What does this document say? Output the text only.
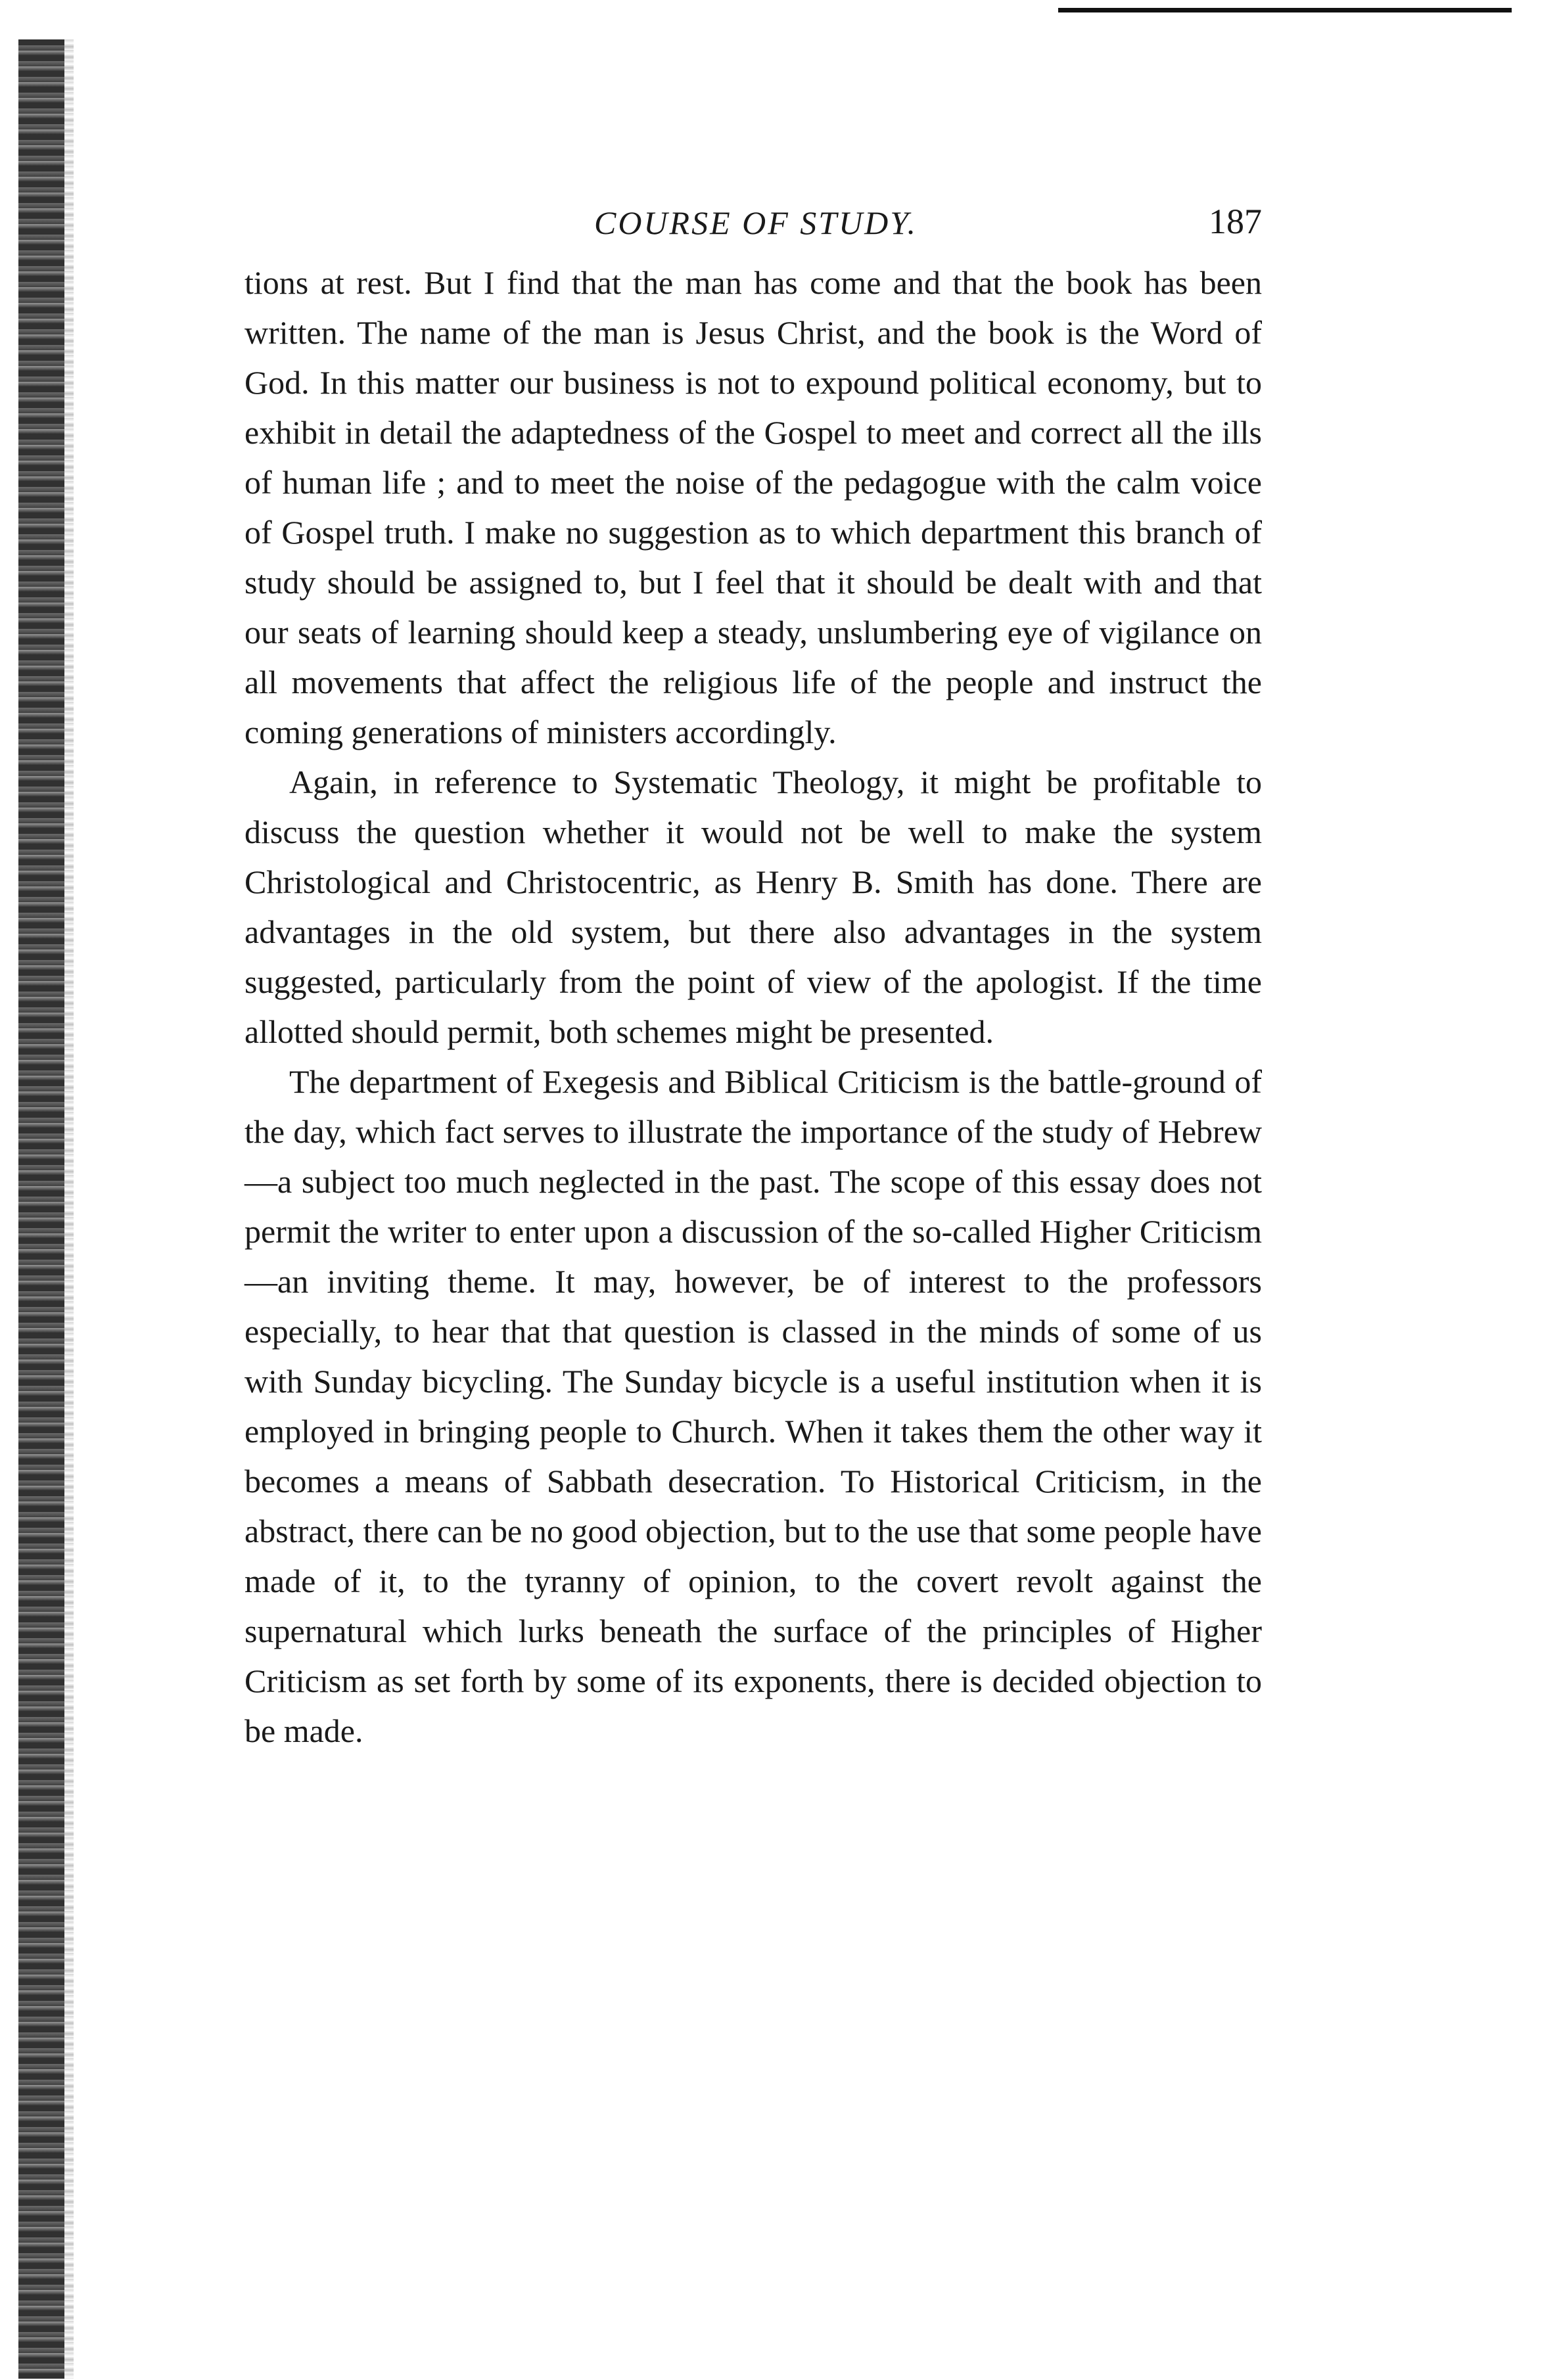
COURSE OF STUDY.	187

tions at rest. But I find that the man has come and that the book has been written. The name of the man is Jesus Christ, and the book is the Word of God. In this matter our business is not to expound political economy, but to exhibit in detail the adaptedness of the Gospel to meet and correct all the ills of human life ; and to meet the noise of the pedagogue with the calm voice of Gospel truth. I make no suggestion as to which department this branch of study should be assigned to, but I feel that it should be dealt with and that our seats of learning should keep a steady, unslumbering eye of vigilance on all movements that affect the religious life of the people and instruct the coming generations of ministers accordingly.

Again, in reference to Systematic Theology, it might be profitable to discuss the question whether it would not be well to make the system Christological and Christocentric, as Henry B. Smith has done. There are advantages in the old system, but there also advantages in the system suggested, particularly from the point of view of the apologist. If the time allotted should permit, both schemes might be presented.

The department of Exegesis and Biblical Criticism is the battle-ground of the day, which fact serves to illustrate the importance of the study of Hebrew—a subject too much neglected in the past. The scope of this essay does not permit the writer to enter upon a discussion of the so-called Higher Criticism—an inviting theme. It may, however, be of interest to the professors especially, to hear that that question is classed in the minds of some of us with Sunday bicycling. The Sunday bicycle is a useful institution when it is employed in bringing people to Church. When it takes them the other way it becomes a means of Sabbath desecration. To Historical Criticism, in the abstract, there can be no good objection, but to the use that some people have made of it, to the tyranny of opinion, to the covert revolt against the supernatural which lurks beneath the surface of the principles of Higher Criticism as set forth by some of its exponents, there is decided objection to be made.
